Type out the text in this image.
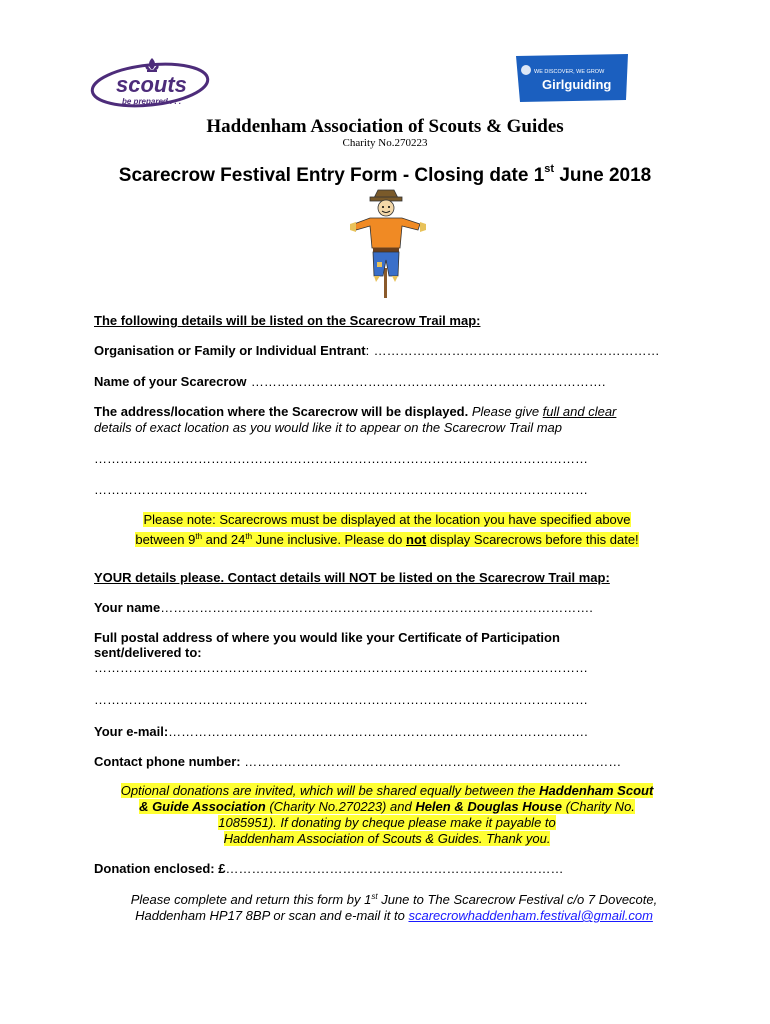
scouts
be prepared . . .
WE DISCOVER, WE GROW
Girlguiding
Haddenham Association of Scouts & Guides
Charity No.270223
Scarecrow Festival Entry Form - Closing date 1st June 2018
The following details will be listed on the Scarecrow Trail map:
Organisation or Family or Individual Entrant: …………………………………………………………
Name of your Scarecrow ……………………………………………………………………….
The address/location where the Scarecrow will be displayed. Please give full and clear
details of exact location as you would like it to appear on the Scarecrow Trail map
……………………………………………………………………………………………………
……………………………………………………………………………………………………
Please note: Scarecrows must be displayed at the location you have specified above
between 9th and 24th June inclusive. Please do not display Scarecrows before this date!
YOUR details please. Contact details will NOT be listed on the Scarecrow Trail map:
Your name……………………………………………………………………………………….
Full postal address of where you would like your Certificate of Participation
sent/delivered to:
……………………………………………………………………………………………………
……………………………………………………………………………………………………
Your e-mail:…………………………………………………………………………………….
Contact phone number: ……………………………………………………………………………
Optional donations are invited, which will be shared equally between the Haddenham Scout
& Guide Association (Charity No.270223) and Helen & Douglas House (Charity No.
1085951). If donating by cheque please make it payable to
Haddenham Association of Scouts & Guides. Thank you.
Donation enclosed: £……………………………………………………………………
Please complete and return this form by 1st June to The Scarecrow Festival c/o 7 Dovecote,
Haddenham HP17 8BP or scan and e-mail it to scarecrowhaddenham.festival@gmail.com
